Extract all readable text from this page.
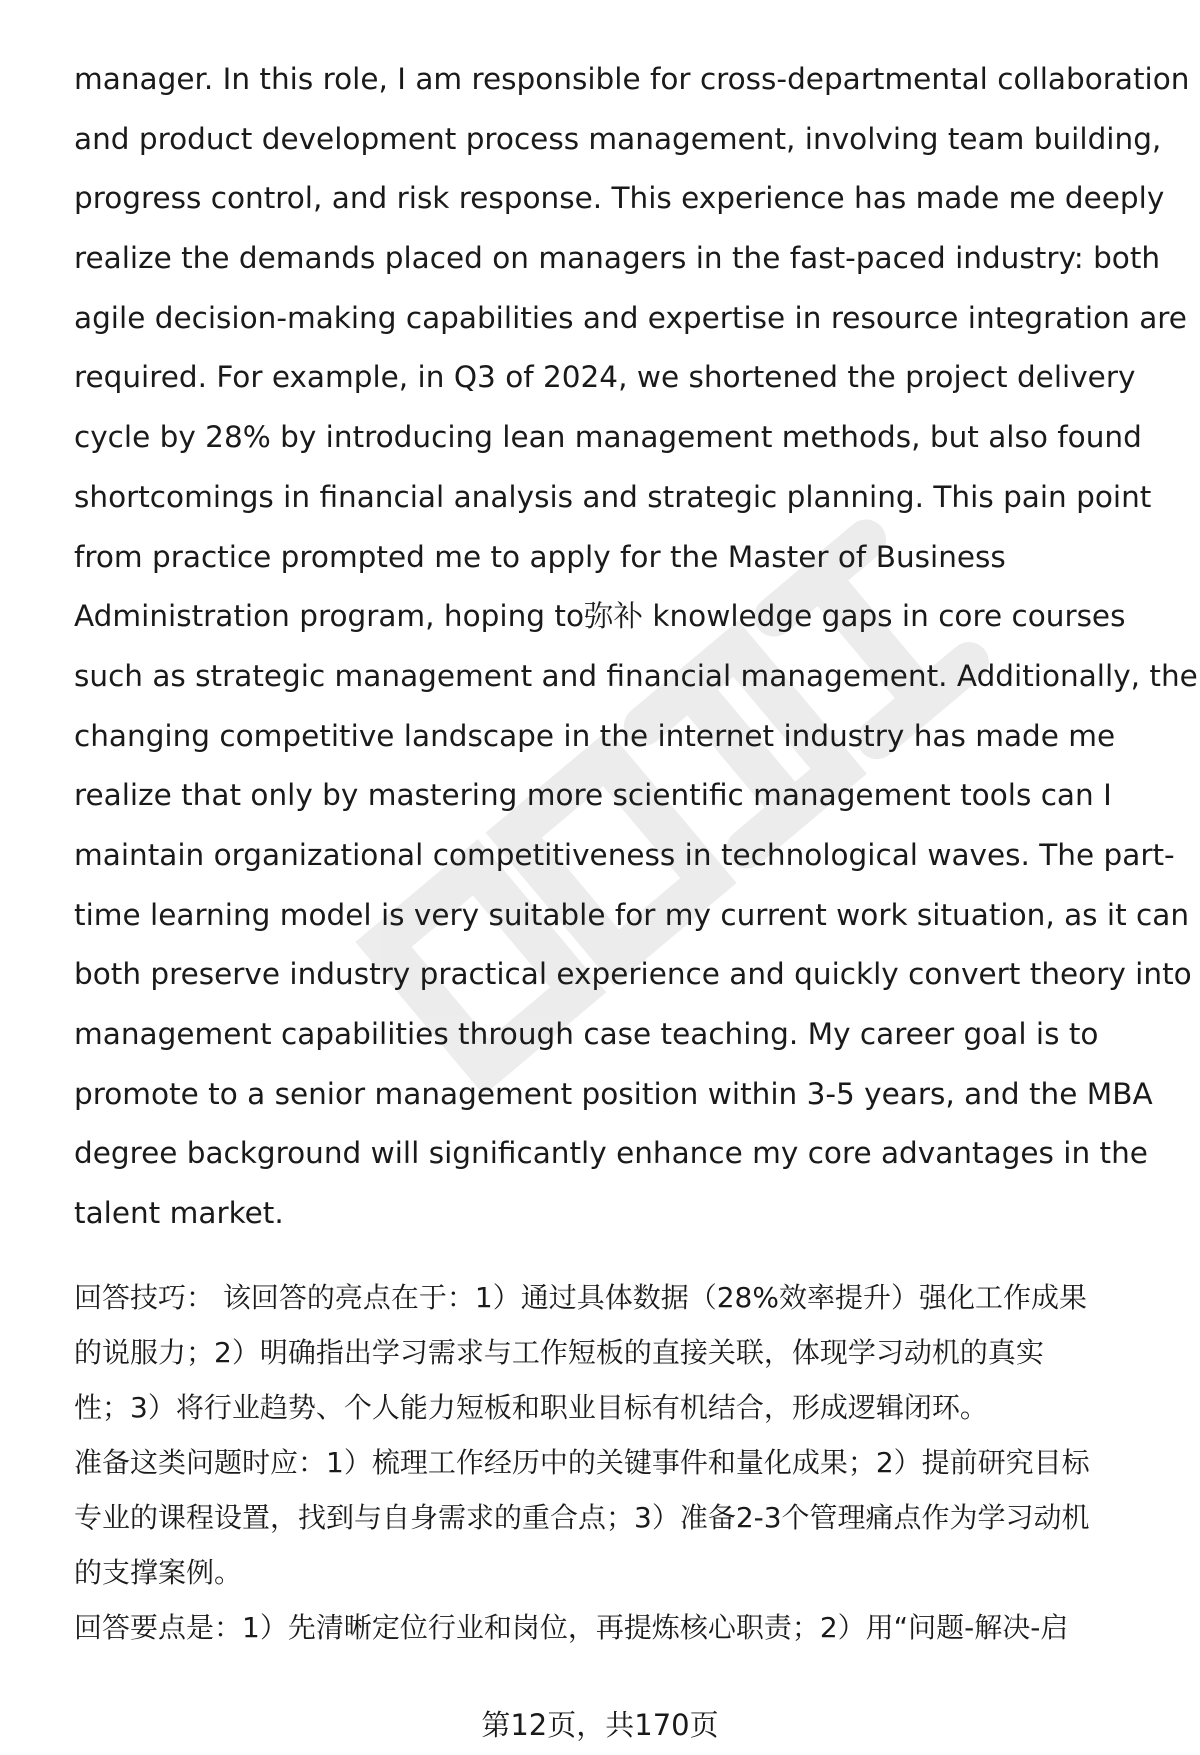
manager. In this role, I am responsible for cross-departmental collaboration
and product development process management, involving team building,
progress control, and risk response. This experience has made me deeply
realize the demands placed on managers in the fast-paced industry: both
agile decision-making capabilities and expertise in resource integration are
required. For example, in Q3 of 2024, we shortened the project delivery
cycle by 28% by introducing lean management methods, but also found
shortcomings in financial analysis and strategic planning. This pain point
from practice prompted me to apply for the Master of Business
Administration program, hoping to弥补 knowledge gaps in core courses
such as strategic management and financial management. Additionally, the
changing competitive landscape in the internet industry has made me
realize that only by mastering more scientific management tools can I
maintain organizational competitiveness in technological waves. The part-
time learning model is very suitable for my current work situation, as it can
both preserve industry practical experience and quickly convert theory into
management capabilities through case teaching. My career goal is to
promote to a senior management position within 3-5 years, and the MBA
degree background will significantly enhance my core advantages in the
talent market.
回答技巧： 该回答的亮点在于：1）通过具体数据（28%效率提升）强化工作成果
的说服力；2）明确指出学习需求与工作短板的直接关联，体现学习动机的真实
性；3）将行业趋势、个人能力短板和职业目标有机结合，形成逻辑闭环。
准备这类问题时应：1）梳理工作经历中的关键事件和量化成果；2）提前研究目标
专业的课程设置，找到与自身需求的重合点；3）准备2-3个管理痛点作为学习动机
的支撑案例。
回答要点是：1）先清晰定位行业和岗位，再提炼核心职责；2）用“问题-解决-启
第12页，共170页
